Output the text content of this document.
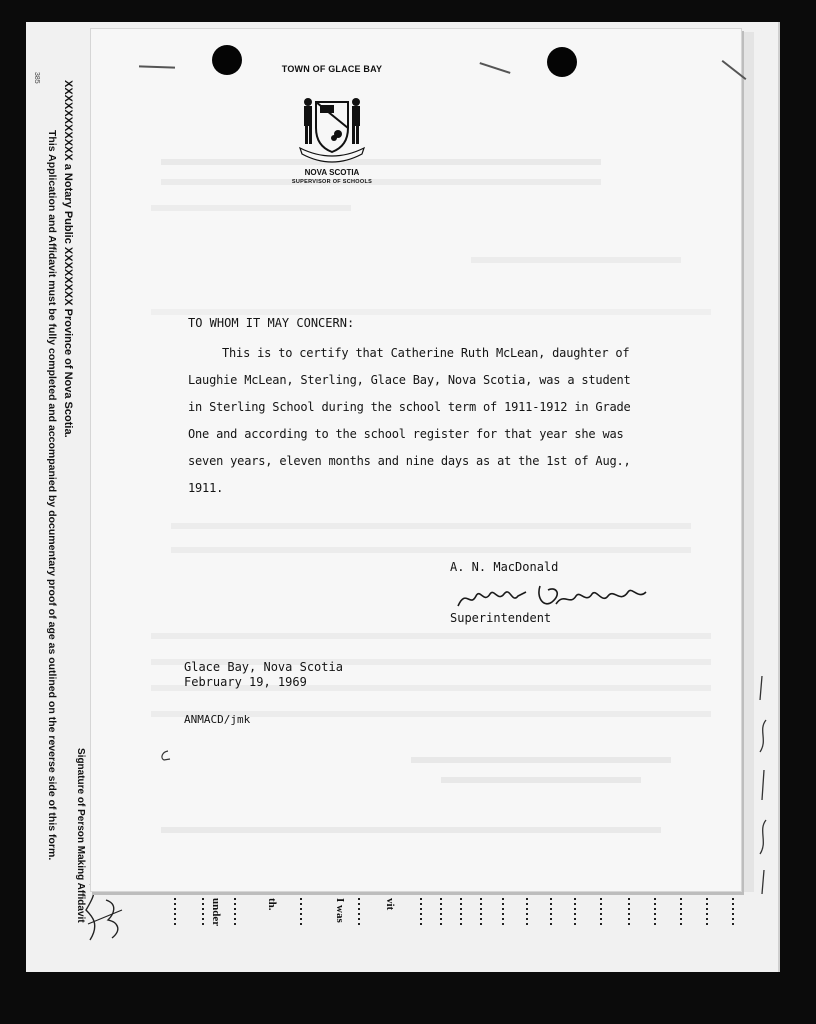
385
XXXXXXXXXXX a Notary Public XXXXXXXX Province of Nova Scotia.
This Application and Affidavit must be fully completed and accompanied by documentary proof of age as outlined on the reverse side of this form. Signature of Person Making Affidavit	under	th.	I was	vit
TOWN OF GLACE BAY
NOVA SCOTIA
SUPERVISOR OF SCHOOLS
TO WHOM IT MAY CONCERN:
This is to certify that Catherine Ruth McLean, daughter of
Laughie McLean, Sterling, Glace Bay, Nova Scotia, was a student
in Sterling School during the school term of 1911-1912 in Grade
One and according to the school register for that year she was
seven years, eleven months and nine days as at the 1st of Aug.,
1911.
A. N. MacDonald
Superintendent
Glace Bay, Nova Scotia
February 19, 1969
ANMACD/jmk
